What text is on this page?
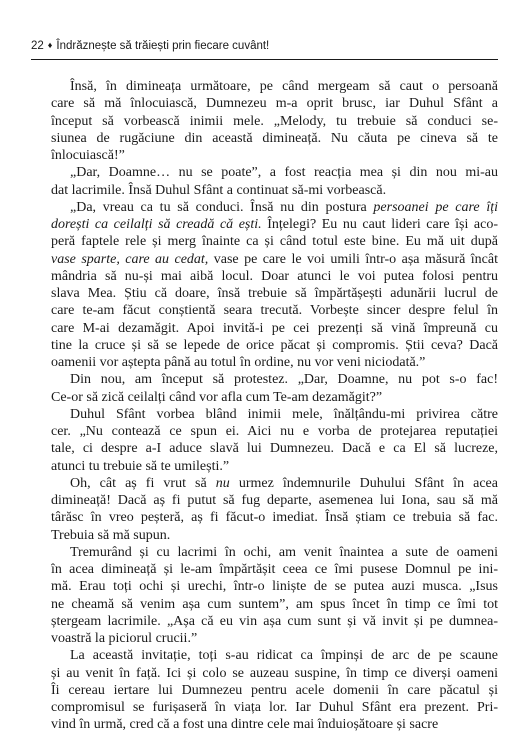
22 ♦ Îndrăznește să trăiești prin fiecare cuvânt!

Însă, în dimineața următoare, pe când mergeam să caut o persoană
care să mă înlocuiască, Dumnezeu m-a oprit brusc, iar Duhul Sfânt a
început să vorbească inimii mele. „Melody, tu trebuie să conduci se-
siunea de rugăciune din această dimineață. Nu căuta pe cineva să te
înlocuiască!”

„Dar, Doamne… nu se poate”, a fost reacția mea și din nou mi-au
dat lacrimile. Însă Duhul Sfânt a continuat să-mi vorbească.

„Da, vreau ca tu să conduci. Însă nu din postura persoanei pe care îți
dorești ca ceilalți să creadă că ești. Înțelegi? Eu nu caut lideri care își aco-
peră faptele rele și merg înainte ca și când totul este bine. Eu mă uit după
vase sparte, care au cedat, vase pe care le voi umili într-o așa măsură încât
mândria să nu-și mai aibă locul. Doar atunci le voi putea folosi pentru
slava Mea. Știu că doare, însă trebuie să împărtășești adunării lucrul de
care te-am făcut conștientă seara trecută. Vorbește sincer despre felul în
care M-ai dezamăgit. Apoi invită-i pe cei prezenți să vină împreună cu
tine la cruce și să se lepede de orice păcat și compromis. Știi ceva? Dacă
oamenii vor aștepta până au totul în ordine, nu vor veni niciodată.”

Din nou, am început să protestez. „Dar, Doamne, nu pot s-o fac!
Ce-or să zică ceilalți când vor afla cum Te-am dezamăgit?”

Duhul Sfânt vorbea blând inimii mele, înălțându-mi privirea către
cer. „Nu contează ce spun ei. Aici nu e vorba de protejarea reputației
tale, ci despre a-I aduce slavă lui Dumnezeu. Dacă e ca El să lucreze,
atunci tu trebuie să te umilești.”

Oh, cât aș fi vrut să nu urmez îndemnurile Duhului Sfânt în acea
dimineață! Dacă aș fi putut să fug departe, asemenea lui Iona, sau să mă
târăsc în vreo peșteră, aș fi făcut-o imediat. Însă știam ce trebuia să fac.
Trebuia să mă supun.

Tremurând și cu lacrimi în ochi, am venit înaintea a sute de oameni
în acea dimineață și le-am împărtășit ceea ce îmi pusese Domnul pe ini-
mă. Erau toți ochi și urechi, într-o liniște de se putea auzi musca. „Isus
ne cheamă să venim așa cum suntem”, am spus încet în timp ce îmi tot
ștergeam lacrimile. „Așa că eu vin așa cum sunt și vă invit și pe dumnea-
voastră la piciorul crucii.”

La această invitație, toți s-au ridicat ca împinși de arc de pe scaune
și au venit în față. Ici și colo se auzeau suspine, în timp ce diverși oameni
Îi cereau iertare lui Dumnezeu pentru acele domenii în care păcatul și
compromisul se furișaseră în viața lor. Iar Duhul Sfânt era prezent. Pri-
vind în urmă, cred că a fost una dintre cele mai înduioșătoare și sacre
